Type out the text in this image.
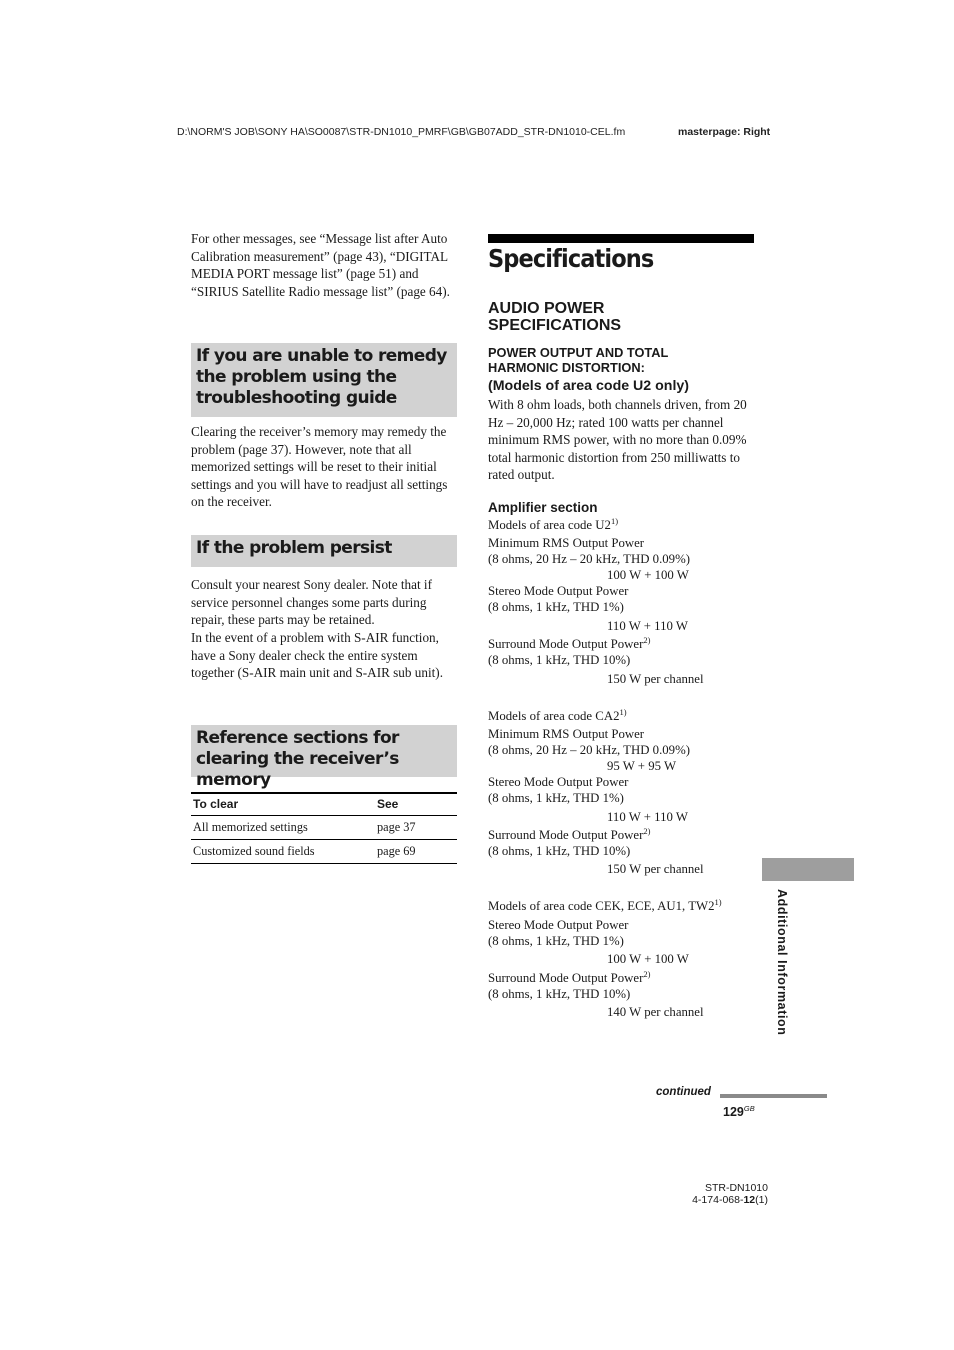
D:\NORM'S JOB\SONY HA\SO0087\STR-DN1010_PMRF\GB\GB07ADD_STR-DN1010-CEL.fm	masterpage: Right
For other messages, see “Message list after Auto Calibration measurement” (page 43), “DIGITAL MEDIA PORT message list” (page 51) and “SIRIUS Satellite Radio message list” (page 64).
If you are unable to remedy the problem using the troubleshooting guide
Clearing the receiver’s memory may remedy the problem (page 37). However, note that all memorized settings will be reset to their initial settings and you will have to readjust all settings on the receiver.
If the problem persist
Consult your nearest Sony dealer. Note that if service personnel changes some parts during repair, these parts may be retained.
In the event of a problem with S-AIR function, have a Sony dealer check the entire system together (S-AIR main unit and S-AIR sub unit).
Reference sections for clearing the receiver’s memory
To clear	See
All memorized settings	page 37
Customized sound fields	page 69
Specifications
AUDIO POWER SPECIFICATIONS
POWER OUTPUT AND TOTAL HARMONIC DISTORTION:
(Models of area code U2 only)
With 8 ohm loads, both channels driven, from 20 Hz – 20,000 Hz; rated 100 watts per channel minimum RMS power, with no more than 0.09% total harmonic distortion from 250 milliwatts to rated output.
Amplifier section
Models of area code U2$^{1)}$
Minimum RMS Output Power
(8 ohms, 20 Hz – 20 kHz, THD 0.09%)
100 W + 100 W
Stereo Mode Output Power
(8 ohms, 1 kHz, THD 1%)
110 W + 110 W
Surround Mode Output Power$^{2)}$
(8 ohms, 1 kHz, THD 10%)
150 W per channel
Models of area code CA2$^{1)}$
Minimum RMS Output Power
(8 ohms, 20 Hz – 20 kHz, THD 0.09%)
95 W + 95 W
Stereo Mode Output Power
(8 ohms, 1 kHz, THD 1%)
110 W + 110 W
Surround Mode Output Power$^{2)}$
(8 ohms, 1 kHz, THD 10%)
150 W per channel
Models of area code CEK, ECE, AU1, TW2$^{1)}$
Stereo Mode Output Power
(8 ohms, 1 kHz, THD 1%)
100 W + 100 W
Surround Mode Output Power$^{2)}$
(8 ohms, 1 kHz, THD 10%)
140 W per channel	Additional Information
continued
$129^{GB}$
STR-DN1010
4-174-068-12(1)
